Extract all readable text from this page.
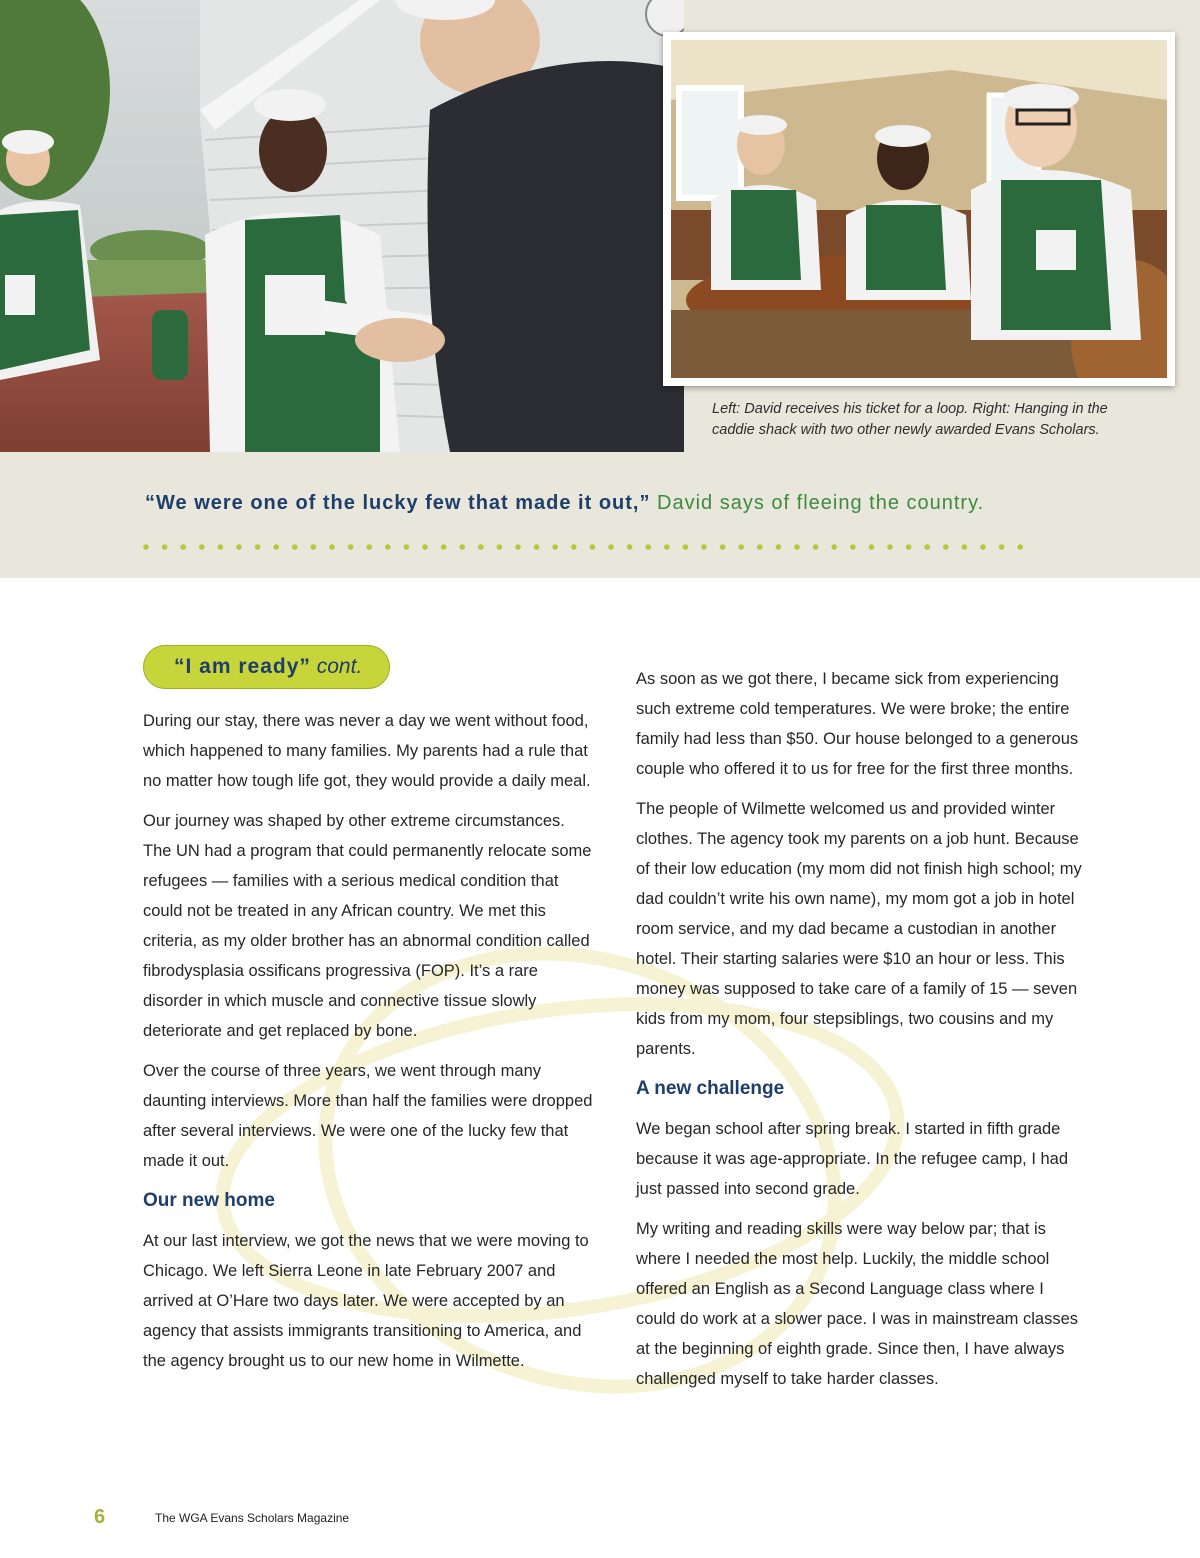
Left: David receives his ticket for a loop. Right: Hanging in the caddie shack with two other newly awarded Evans Scholars.
“We were one of the lucky few that made it out,” David says of fleeing the country.
“I am ready” cont.

During our stay, there was never a day we went without food, which happened to many families. My parents had a rule that no matter how tough life got, they would provide a daily meal.

Our journey was shaped by other extreme circumstances. The UN had a program that could permanently relocate some refugees — families with a serious medical condition that could not be treated in any African country. We met this criteria, as my older brother has an abnormal condition called fibrodysplasia ossificans progressiva (FOP). It’s a rare disorder in which muscle and connective tissue slowly deteriorate and get replaced by bone.

Over the course of three years, we went through many daunting interviews. More than half the families were dropped after several interviews. We were one of the lucky few that made it out.

Our new home

At our last interview, we got the news that we were moving to Chicago. We left Sierra Leone in late February 2007 and arrived at O’Hare two days later. We were accepted by an agency that assists immigrants transitioning to America, and the agency brought us to our new home in Wilmette.

As soon as we got there, I became sick from experiencing such extreme cold temperatures. We were broke; the entire family had less than $50. Our house belonged to a generous couple who offered it to us for free for the first three months.

The people of Wilmette welcomed us and provided winter clothes. The agency took my parents on a job hunt. Because of their low education (my mom did not finish high school; my dad couldn’t write his own name), my mom got a job in hotel room service, and my dad became a custodian in another hotel. Their starting salaries were $10 an hour or less. This money was supposed to take care of a family of 15 — seven kids from my mom, four stepsiblings, two cousins and my parents.

A new challenge

We began school after spring break. I started in fifth grade because it was age-appropriate. In the refugee camp, I had just passed into second grade.

My writing and reading skills were way below par; that is where I needed the most help. Luckily, the middle school offered an English as a Second Language class where I could do work at a slower pace. I was in mainstream classes at the beginning of eighth grade. Since then, I have always challenged myself to take harder classes.

6	The WGA Evans Scholars Magazine
